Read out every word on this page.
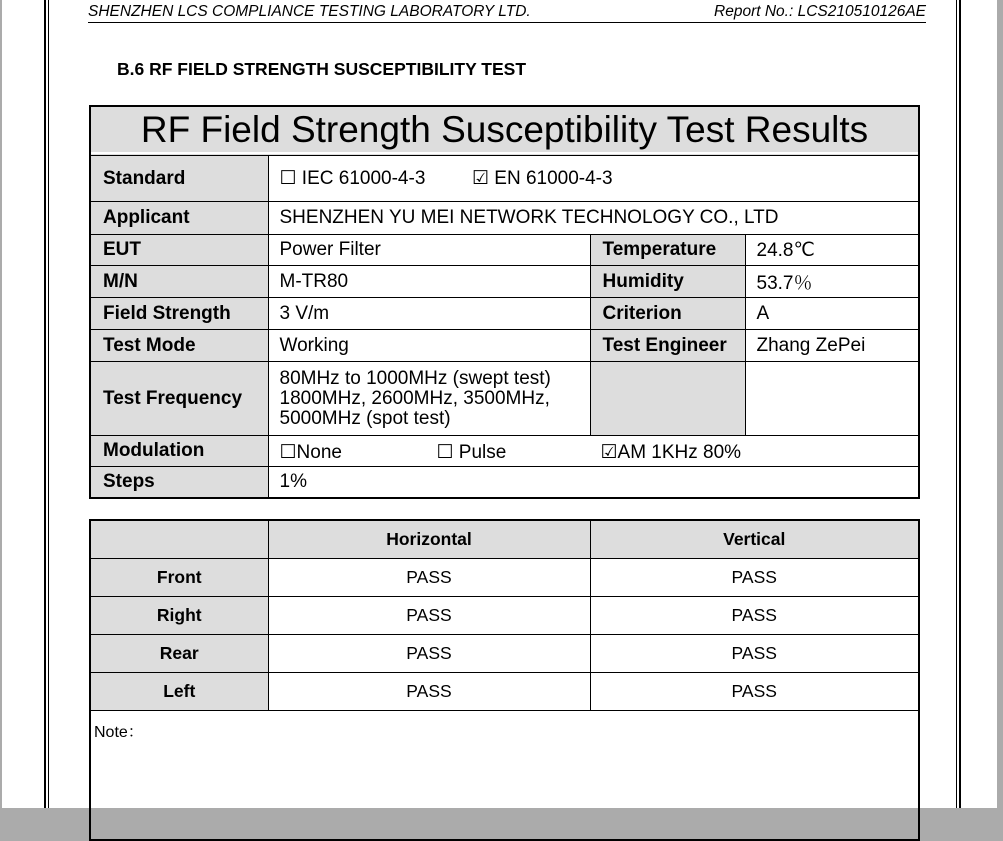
SHENZHEN LCS COMPLIANCE TESTING LABORATORY LTD.	Report No.: LCS210510126AE
B.6 RF FIELD STRENGTH SUSCEPTIBILITY TEST
RF Field Strength Susceptibility Test Results			

Standard	☐ IEC 61000-4-3 ☑ EN 61000-4-3		
Applicant	SHENZHEN YU MEI NETWORK TECHNOLOGY CO., LTD		
EUT	Power Filter	Temperature	24.8℃
M/N	M-TR80	Humidity	53.7％
Field Strength	3 V/m	Criterion	A
Test Mode	Working	Test Engineer	Zhang ZePei
Test Frequency	80MHz to 1000MHz (swept test)
1800MHz, 2600MHz, 3500MHz, 5000MHz (spot test)		

Modulation	☐None ☐ Pulse ☑AM 1KHz 80%		

Steps	1%		
	Horizontal	Vertical
Front	PASS	PASS
Right	PASS	PASS
Rear	PASS	PASS
Left	PASS	PASS
Note：		
